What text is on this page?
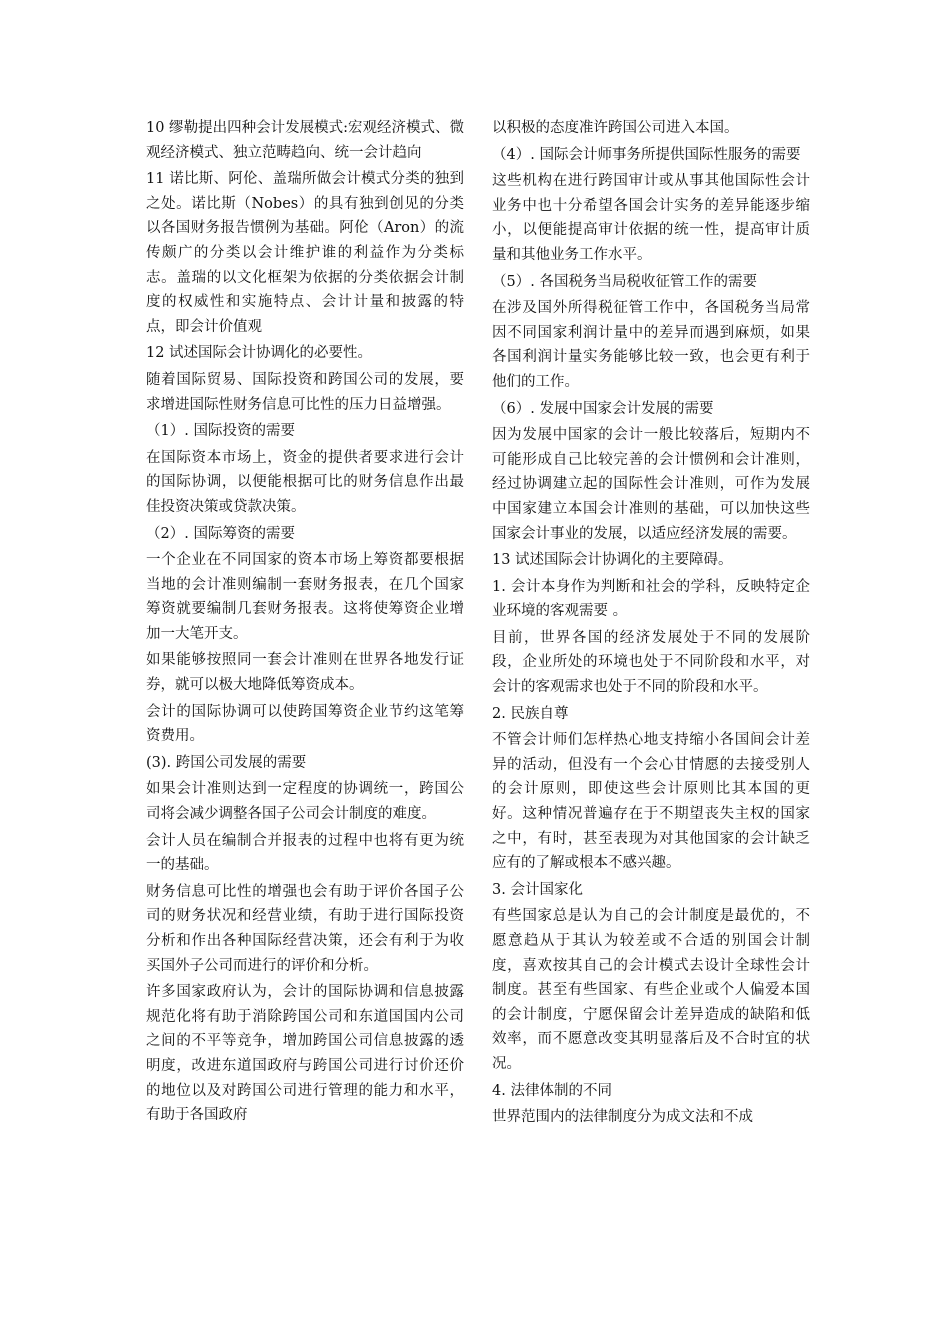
10 缪勒提出四种会计发展模式:宏观经济模式、微观经济模式、独立范畴趋向、统一会计趋向

11 诺比斯、阿伦、盖瑞所做会计模式分类的独到之处。诺比斯（Nobes）的具有独到创见的分类以各国财务报告惯例为基础。阿伦（Aron）的流传颇广的分类以会计维护谁的利益作为分类标志。盖瑞的以文化框架为依据的分类依据会计制度的权威性和实施特点、会计计量和披露的特点，即会计价值观

12 试述国际会计协调化的必要性。

随着国际贸易、国际投资和跨国公司的发展，要求增进国际性财务信息可比性的压力日益增强。

（1）. 国际投资的需要

在国际资本市场上，资金的提供者要求进行会计的国际协调，以便能根据可比的财务信息作出最佳投资决策或贷款决策。

（2）. 国际筹资的需要

一个企业在不同国家的资本市场上筹资都要根据当地的会计准则编制一套财务报表，在几个国家筹资就要编制几套财务报表。这将使筹资企业增加一大笔开支。

如果能够按照同一套会计准则在世界各地发行证券，就可以极大地降低筹资成本。

会计的国际协调可以使跨国筹资企业节约这笔筹资费用。

(3). 跨国公司发展的需要

如果会计准则达到一定程度的协调统一，跨国公司将会减少调整各国子公司会计制度的难度。

会计人员在编制合并报表的过程中也将有更为统一的基础。

财务信息可比性的增强也会有助于评价各国子公司的财务状况和经营业绩，有助于进行国际投资分析和作出各种国际经营决策，还会有利于为收买国外子公司而进行的评价和分析。

许多国家政府认为，会计的国际协调和信息披露规范化将有助于消除跨国公司和东道国国内公司之间的不平等竞争，增加跨国公司信息披露的透明度，改进东道国政府与跨国公司进行讨价还价的地位以及对跨国公司进行管理的能力和水平，有助于各国政府

以积极的态度准许跨国公司进入本国。

（4）. 国际会计师事务所提供国际性服务的需要

这些机构在进行跨国审计或从事其他国际性会计业务中也十分希望各国会计实务的差异能逐步缩小，以便能提高审计依据的统一性，提高审计质量和其他业务工作水平。

（5）. 各国税务当局税收征管工作的需要

在涉及国外所得税征管工作中，各国税务当局常因不同国家利润计量中的差异而遇到麻烦，如果各国利润计量实务能够比较一致，也会更有利于他们的工作。

（6）. 发展中国家会计发展的需要

因为发展中国家的会计一般比较落后，短期内不可能形成自己比较完善的会计惯例和会计准则，经过协调建立起的国际性会计准则，可作为发展中国家建立本国会计准则的基础，可以加快这些国家会计事业的发展，以适应经济发展的需要。

13 试述国际会计协调化的主要障碍。

1. 会计本身作为判断和社会的学科，反映特定企业环境的客观需要 。

目前，世界各国的经济发展处于不同的发展阶段，企业所处的环境也处于不同阶段和水平，对会计的客观需求也处于不同的阶段和水平。

2. 民族自尊

不管会计师们怎样热心地支持缩小各国间会计差异的活动，但没有一个会心甘情愿的去接受别人的会计原则，即使这些会计原则比其本国的更好。这种情况普遍存在于不期望丧失主权的国家之中，有时，甚至表现为对其他国家的会计缺乏应有的了解或根本不感兴趣。

3. 会计国家化

有些国家总是认为自己的会计制度是最优的，不愿意趋从于其认为较差或不合适的别国会计制度，喜欢按其自己的会计模式去设计全球性会计制度。甚至有些国家、有些企业或个人偏爱本国的会计制度，宁愿保留会计差异造成的缺陷和低效率，而不愿意改变其明显落后及不合时宜的状况。

4. 法律体制的不同

世界范围内的法律制度分为成文法和不成
